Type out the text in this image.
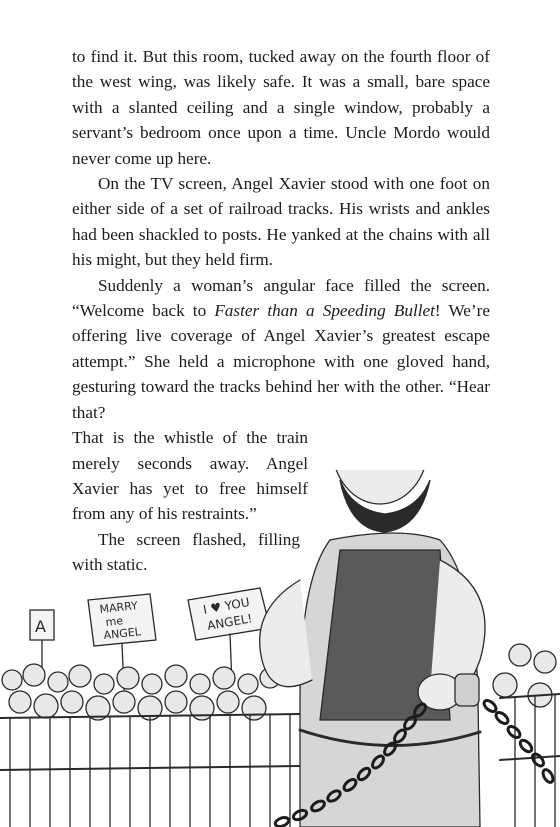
to find it. But this room, tucked away on the fourth floor of the west wing, was likely safe. It was a small, bare space with a slanted ceiling and a single window, probably a servant’s bedroom once upon a time. Uncle Mordo would never come up here.

On the TV screen, Angel Xavier stood with one foot on either side of a set of railroad tracks. His wrists and ankles had been shackled to posts. He yanked at the chains with all his might, but they held firm.

Suddenly a woman’s angular face filled the screen. “Welcome back to Faster than a Speeding Bullet! We’re offering live coverage of Angel Xavier’s greatest escape attempt.” She held a microphone with one gloved hand, gesturing toward the tracks behind her with the other. “Hear that?

That is the whistle of the train merely seconds away. Angel Xavier has yet to free himself from any of his restraints.”

The screen flashed, filling with static.

MARRY
me
ANGEL
I ♥ YOU
ANGEL!
A
